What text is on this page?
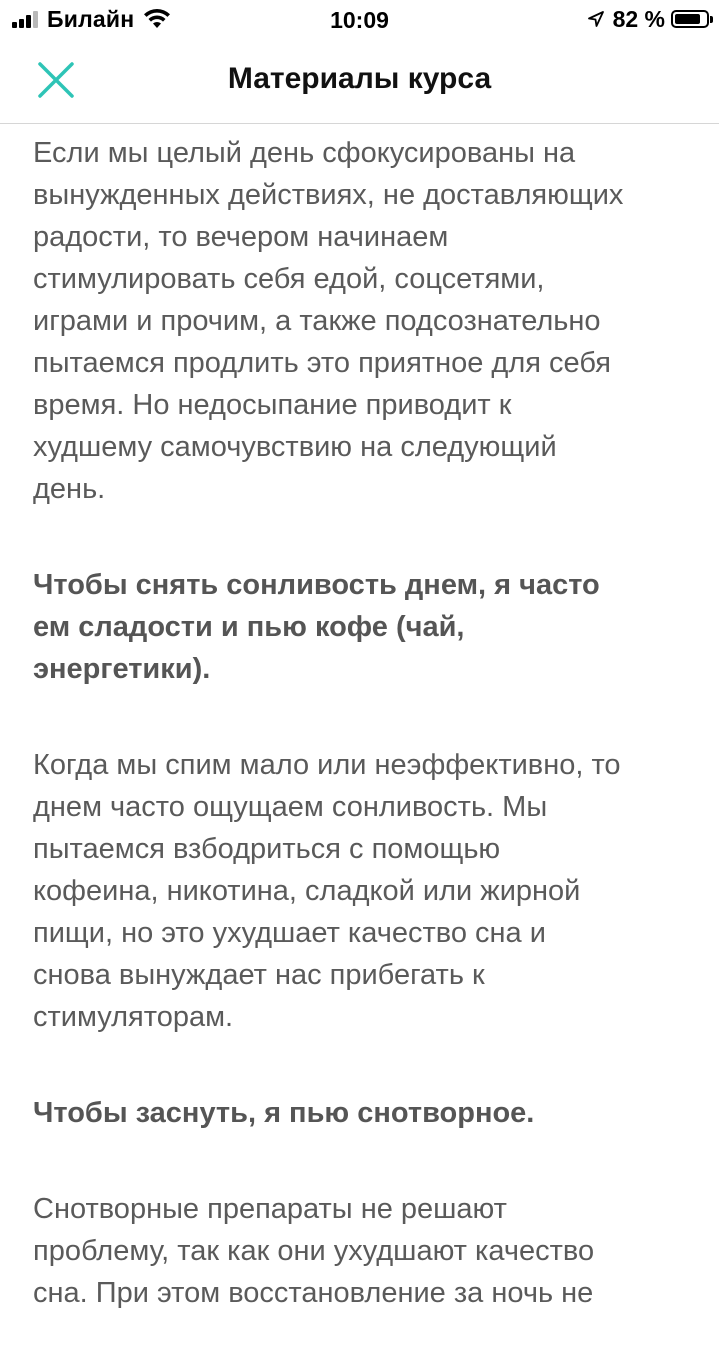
Билайн	10:09	82 %
Материалы курса

Если мы целый день сфокусированы на
вынужденных действиях, не доставляющих
радости, то вечером начинаем
стимулировать себя едой, соцсетями,
играми и прочим, а также подсознательно
пытаемся продлить это приятное для себя
время. Но недосыпание приводит к
худшему самочувствию на следующий
день.

Чтобы снять сонливость днем, я часто
ем сладости и пью кофе (чай,
энергетики).

Когда мы спим мало или неэффективно, то
днем часто ощущаем сонливость. Мы
пытаемся взбодриться с помощью
кофеина, никотина, сладкой или жирной
пищи, но это ухудшает качество сна и
снова вынуждает нас прибегать к
стимуляторам.

Чтобы заснуть, я пью снотворное.

Снотворные препараты не решают
проблему, так как они ухудшают качество
сна. При этом восстановление за ночь не
